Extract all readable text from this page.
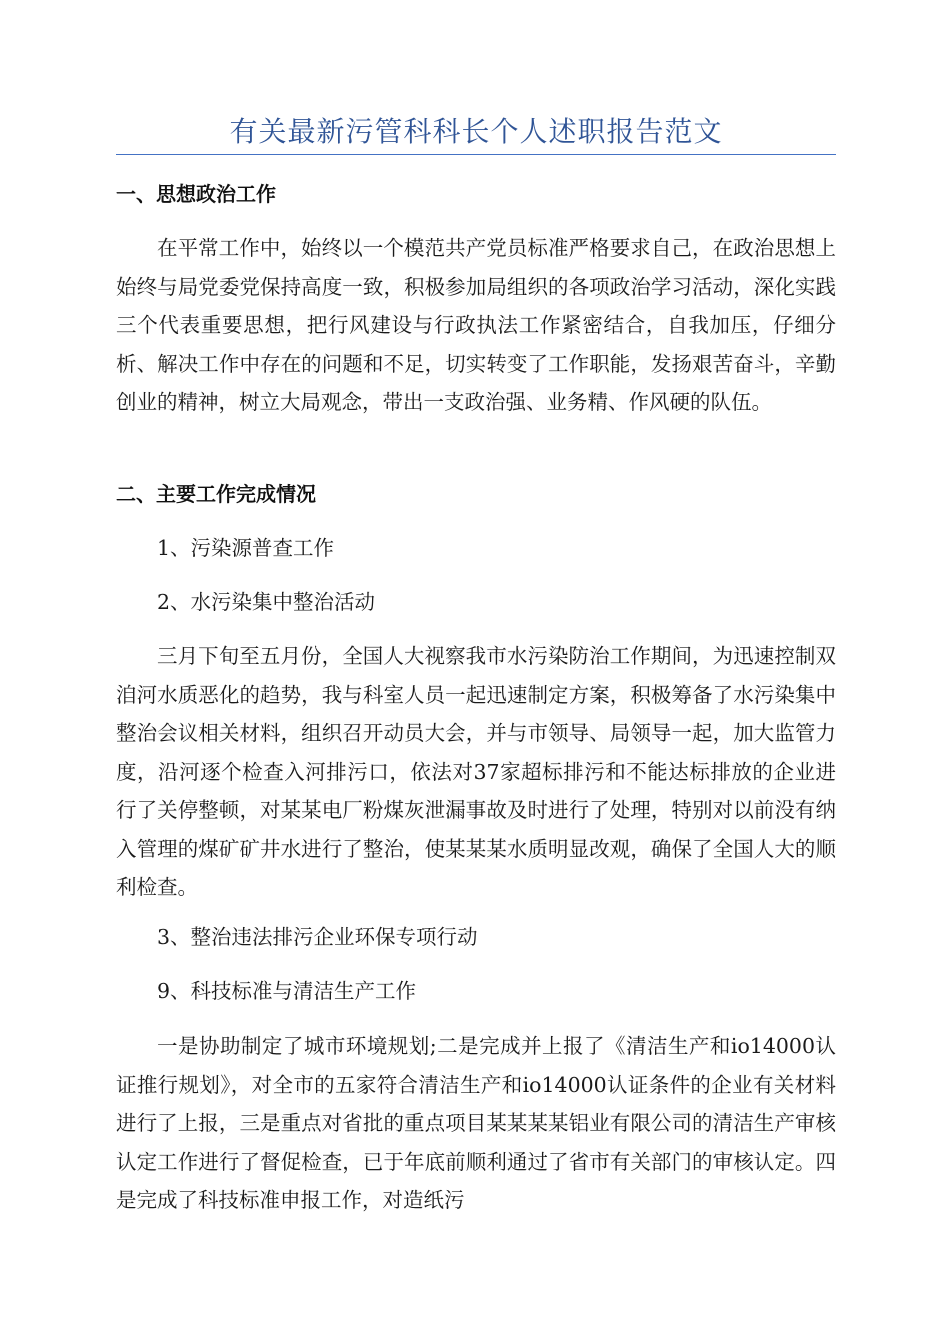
有关最新污管科科长个人述职报告范文
一、思想政治工作

在平常工作中，始终以一个模范共产党员标准严格要求自己，在政治思想上始终与局党委党保持高度一致，积极参加局组织的各项政治学习活动，深化实践三个代表重要思想，把行风建设与行政执法工作紧密结合，自我加压，仔细分析、解决工作中存在的问题和不足，切实转变了工作职能，发扬艰苦奋斗，辛勤创业的精神，树立大局观念，带出一支政治强、业务精、作风硬的队伍。

二、主要工作完成情况
1、污染源普查工作
2、水污染集中整治活动

三月下旬至五月份，全国人大视察我市水污染防治工作期间，为迅速控制双洎河水质恶化的趋势，我与科室人员一起迅速制定方案，积极筹备了水污染集中整治会议相关材料，组织召开动员大会，并与市领导、局领导一起，加大监管力度，沿河逐个检查入河排污口，依法对37家超标排污和不能达标排放的企业进行了关停整顿，对某某电厂粉煤灰泄漏事故及时进行了处理，特别对以前没有纳入管理的煤矿矿井水进行了整治，使某某某水质明显改观，确保了全国人大的顺利检查。

3、整治违法排污企业环保专项行动
9、科技标准与清洁生产工作

一是协助制定了城市环境规划;二是完成并上报了《清洁生产和io14000认证推行规划》，对全市的五家符合清洁生产和io14000认证条件的企业有关材料进行了上报，三是重点对省批的重点项目某某某某铝业有限公司的清洁生产审核认定工作进行了督促检查，已于年底前顺利通过了省市有关部门的审核认定。四是完成了科技标准申报工作，对造纸污
